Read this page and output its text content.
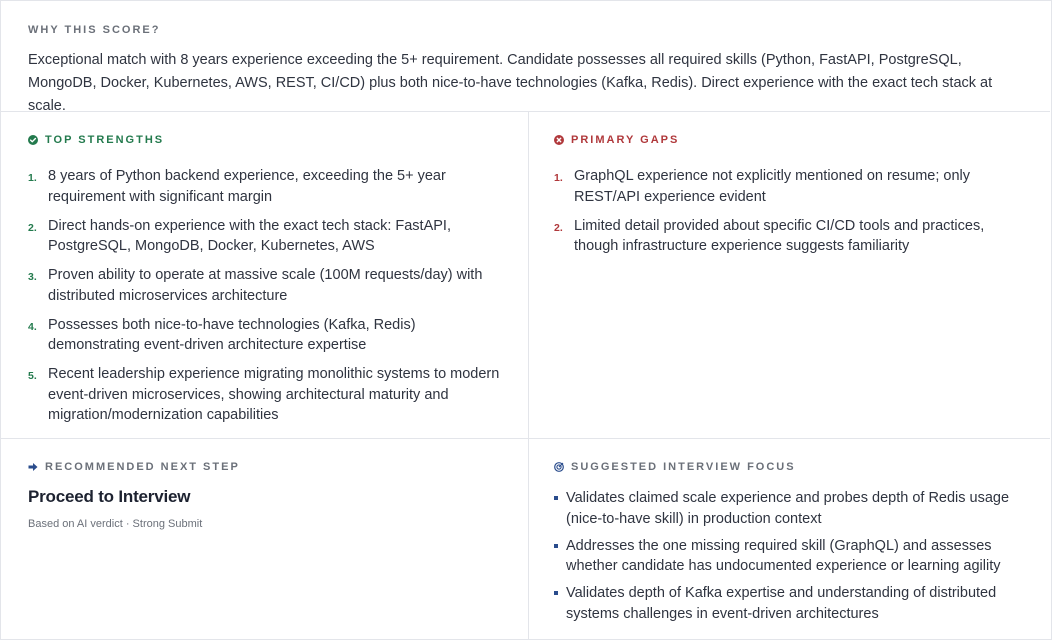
WHY THIS SCORE?

Exceptional match with 8 years experience exceeding the 5+ requirement. Candidate possesses all required skills (Python, FastAPI, PostgreSQL, MongoDB, Docker, Kubernetes, AWS, REST, CI/CD) plus both nice-to-have technologies (Kafka, Redis). Direct experience with the exact tech stack at scale.

TOP STRENGTHS
1. 8 years of Python backend experience, exceeding the 5+ year requirement with significant margin
2. Direct hands-on experience with the exact tech stack: FastAPI, PostgreSQL, MongoDB, Docker, Kubernetes, AWS
3. Proven ability to operate at massive scale (100M requests/day) with distributed microservices architecture
4. Possesses both nice-to-have technologies (Kafka, Redis) demonstrating event-driven architecture expertise
5. Recent leadership experience migrating monolithic systems to modern event-driven microservices, showing architectural maturity and migration/modernization capabilities
PRIMARY GAPS
1. GraphQL experience not explicitly mentioned on resume; only REST/API experience evident
2. Limited detail provided about specific CI/CD tools and practices, though infrastructure experience suggests familiarity
RECOMMENDED NEXT STEP
Proceed to Interview
Based on AI verdict · Strong Submit
SUGGESTED INTERVIEW FOCUS
Validates claimed scale experience and probes depth of Redis usage (nice-to-have skill) in production context
Addresses the one missing required skill (GraphQL) and assesses whether candidate has undocumented experience or learning agility
Validates depth of Kafka expertise and understanding of distributed systems challenges in event-driven architectures
